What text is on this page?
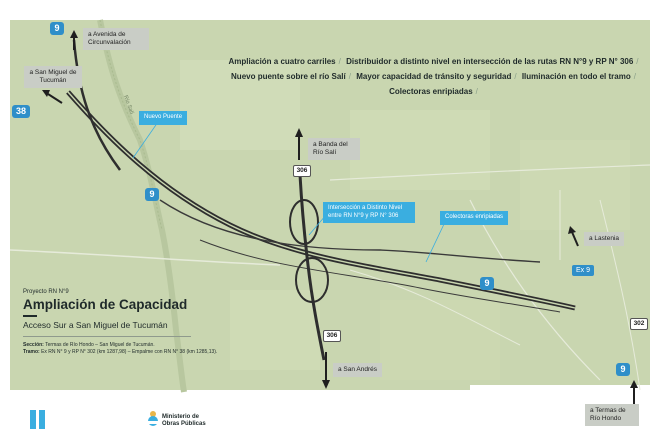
Río Salí
Ampliación a cuatro carriles / Distribuidor a distinto nivel en intersección de las rutas RN N°9 y RP N° 306 /
Nuevo puente sobre el río Salí / Mayor capacidad de tránsito y seguridad / Iluminación en todo el tramo /
Colectoras enripiadas /
9
38
9
306
9
306
302
9
Ex 9
a Avenida de Circunvalación
a San Miguel de Tucumán
a Banda del Río Salí
a Lastenia
a San Andrés
a Termas de Río Hondo
Nuevo Puente
Intersección a Distinto Nivel entre RN N°9 y RP N° 306	Colectoras enripiadas
Proyecto RN N°9
Ampliación de Capacidad
Acceso Sur a San Miguel de Tucumán
Sección: Termas de Río Hondo – San Miguel de Tucumán.
Tramo: Ex RN N° 9 y RP N° 302 (km 1287,98) – Empalme con RN N° 38 (km 1285,13).
Ministerio de
Obras Públicas
